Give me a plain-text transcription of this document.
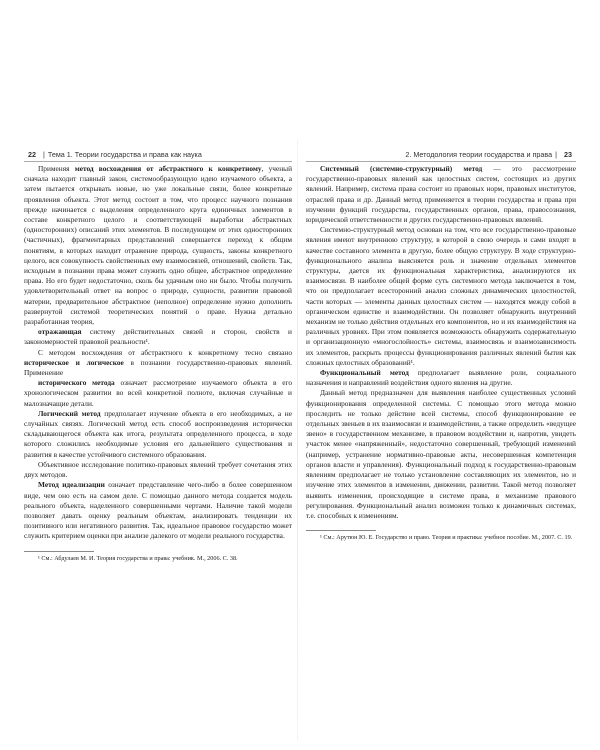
22 | Тема 1. Теории государства и права как наука	2. Методология теории государства и права | 23

Применяя метод восхождения от абстрактного к конкретному, ученый сначала находит главный закон, системообразующую идею изучаемого объекта, а затем пытается открывать новые, но уже локальные связи, более конкретные проявления объекта. Этот метод состоит в том, что процесс научного познания прежде начинается с выделения определенного круга единичных элементов в составе конкретного целого и соответствующей выработки абстрактных (односторонних) описаний этих элементов. В последующем от этих односторонних (частичных), фрагментарных представлений совершается переход к общим понятиям, в которых находит отражение природа, сущность, законы конкретного целого, вся совокупность свойственных ему взаимосвязей, отношений, свойств. Так, исходным в познании права может служить одно общее, абстрактное определение права. Но его будет недостаточно, сколь бы удачным оно ни было. Чтобы получить удовлетворительный ответ на вопрос о природе, сущности, развитии правовой материи, предварительное абстрактное (неполное) определение нужно дополнить развернутой системой теоретических понятий о праве. Нужна детально разработанная теория,

отражающая систему действительных связей и сторон, свойств и закономерностей правовой реальности¹.

С методом восхождения от абстрактного к конкретному тесно связано историческое и логическое в познании государственно-правовых явлений. Применение

исторического метода означает рассмотрение изучаемого объекта в его хронологическом развитии во всей конкретной полноте, включая случайные и малозначащие детали.

Логический метод предполагает изучение объекта в его необходимых, а не случайных связях. Логический метод есть способ воспроизведения исторически складывающегося объекта как итога, результата определенного процесса, в ходе которого сложились необходимые условия его дальнейшего существования и развития в качестве устойчивого системного образования.

Объективное исследование политико-правовых явлений требует сочетания этих двух методов.

Метод идеализации означает представление чего-либо в более совершенном виде, чем оно есть на самом деле. С помощью данного метода создается модель реального объекта, наделенного совершенными чертами. Наличие такой модели позволяет давать оценку реальным объектам, анализировать тенденции их позитивного или негативного развития. Так, идеальное правовое государство может служить критерием оценки при анализе далекого от модели реального государства.

¹ См.: Абдулаев М. И. Теория государства и права: учебник. М., 2006. С. 38.

Системный (системно-структурный) метод — это рассмотрение государственно-правовых явлений как целостных систем, состоящих из других явлений. Например, система права состоит из правовых норм, правовых институтов, отраслей права и др. Данный метод применяется в теории государства и права при изучении функций государства, государственных органов, права, правосознания, юридической ответственности и других государственно-правовых явлений.

Системно-структурный метод основан на том, что все государственно-правовые явления имеют внутреннюю структуру, в которой в свою очередь и сами входят в качестве составного элемента в другую, более общую структуру. В ходе структурно-функционального анализа выясняется роль и значение отдельных элементов структуры, дается их функциональная характеристика, анализируются их взаимосвязи. В наиболее общей форме суть системного метода заключается в том, что он предполагает всесторонний анализ сложных динамических целостностей, части которых — элементы данных целостных систем — находятся между собой в органическом единстве и взаимодействии. Он позволяет обнаружить внутренний механизм не только действия отдельных его компонентов, но и их взаимодействия на различных уровнях. При этом появляется возможность обнаружить содержательную и организационную «многослойность» системы, взаимосвязь и взаимозависимость их элементов, раскрыть процессы функционирования различных явлений бытия как сложных целостных образований¹.

Функциональный метод предполагает выявление роли, социального назначения и направлений воздействия одного явления на другие.

Данный метод предназначен для выявления наиболее существенных условий функционирования определенной системы. С помощью этого метода можно проследить не только действие всей системы, способ функционирование ее отдельных звеньев в их взаимосвязи и взаимодействии, а также определить «ведущее звено» в государственном механизме, в правовом воздействии и, напротив, увидеть участок менее «напряженный», недостаточно совершенный, требующий изменений (например, устранение нормативно-правовые акты, несовершенная компетенция органов власти и управления). Функциональный подход к государственно-правовым явлениям предполагает не только установление составляющих их элементов, но и изучение этих элементов в изменении, движении, развитии. Такой метод позволяет выявить изменения, происходящие в системе права, в механизме правового регулирования. Функциональный анализ возможен только к динамичных системах, т.е. способных к изменениям.

¹ См.: Арутюн Ю. Е. Государство и право. Теория и практика: учебное пособие. М., 2007. С. 19.
